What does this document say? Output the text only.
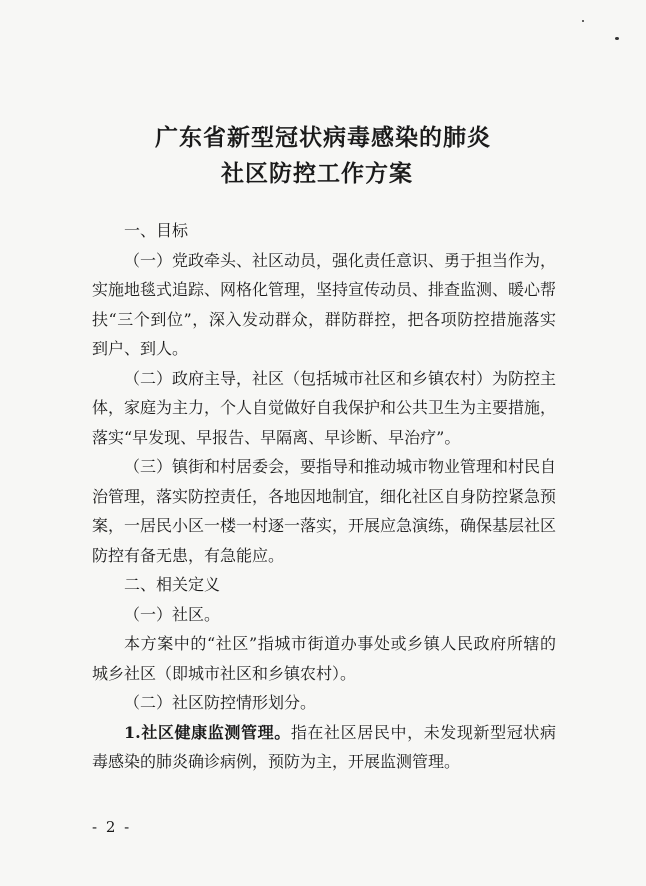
广东省新型冠状病毒感染的肺炎
社区防控工作方案

一、目标

（一）党政牵头、社区动员，强化责任意识、勇于担当作为，实施地毯式追踪、网格化管理，坚持宣传动员、排查监测、暖心帮扶“三个到位”，深入发动群众，群防群控，把各项防控措施落实到户、到人。

（二）政府主导，社区（包括城市社区和乡镇农村）为防控主体，家庭为主力，个人自觉做好自我保护和公共卫生为主要措施，落实“早发现、早报告、早隔离、早诊断、早治疗”。

（三）镇街和村居委会，要指导和推动城市物业管理和村民自治管理，落实防控责任，各地因地制宜，细化社区自身防控紧急预案，一居民小区一楼一村逐一落实，开展应急演练，确保基层社区防控有备无患，有急能应。

二、相关定义

（一）社区。

本方案中的“社区”指城市街道办事处或乡镇人民政府所辖的城乡社区（即城市社区和乡镇农村）。

（二）社区防控情形划分。

1.社区健康监测管理。指在社区居民中，未发现新型冠状病毒感染的肺炎确诊病例，预防为主，开展监测管理。

- 2 -
